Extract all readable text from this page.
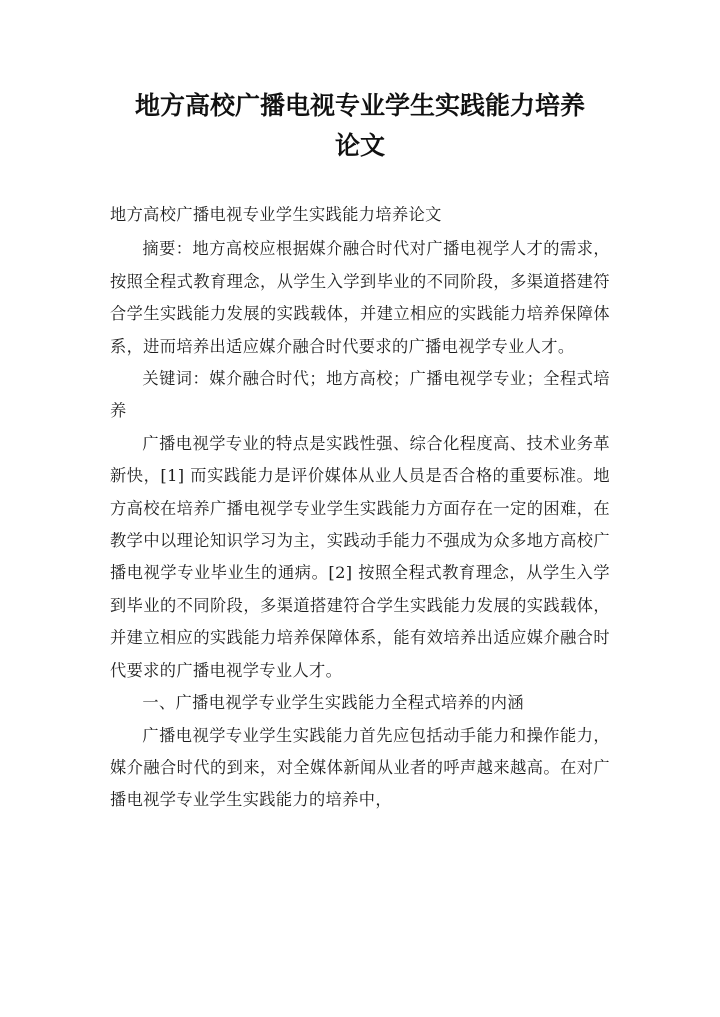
地方高校广播电视专业学生实践能力培养
论文

地方高校广播电视专业学生实践能力培养论文

摘要：地方高校应根据媒介融合时代对广播电视学人才的需求，按照全程式教育理念，从学生入学到毕业的不同阶段，多渠道搭建符合学生实践能力发展的实践载体，并建立相应的实践能力培养保障体系，进而培养出适应媒介融合时代要求的广播电视学专业人才。

关键词：媒介融合时代；地方高校；广播电视学专业；全程式培养

广播电视学专业的特点是实践性强、综合化程度高、技术业务革新快，[1] 而实践能力是评价媒体从业人员是否合格的重要标准。地方高校在培养广播电视学专业学生实践能力方面存在一定的困难，在教学中以理论知识学习为主，实践动手能力不强成为众多地方高校广播电视学专业毕业生的通病。[2] 按照全程式教育理念，从学生入学到毕业的不同阶段，多渠道搭建符合学生实践能力发展的实践载体，并建立相应的实践能力培养保障体系，能有效培养出适应媒介融合时代要求的广播电视学专业人才。

一、广播电视学专业学生实践能力全程式培养的内涵

广播电视学专业学生实践能力首先应包括动手能力和操作能力，媒介融合时代的到来，对全媒体新闻从业者的呼声越来越高。在对广播电视学专业学生实践能力的培养中，
